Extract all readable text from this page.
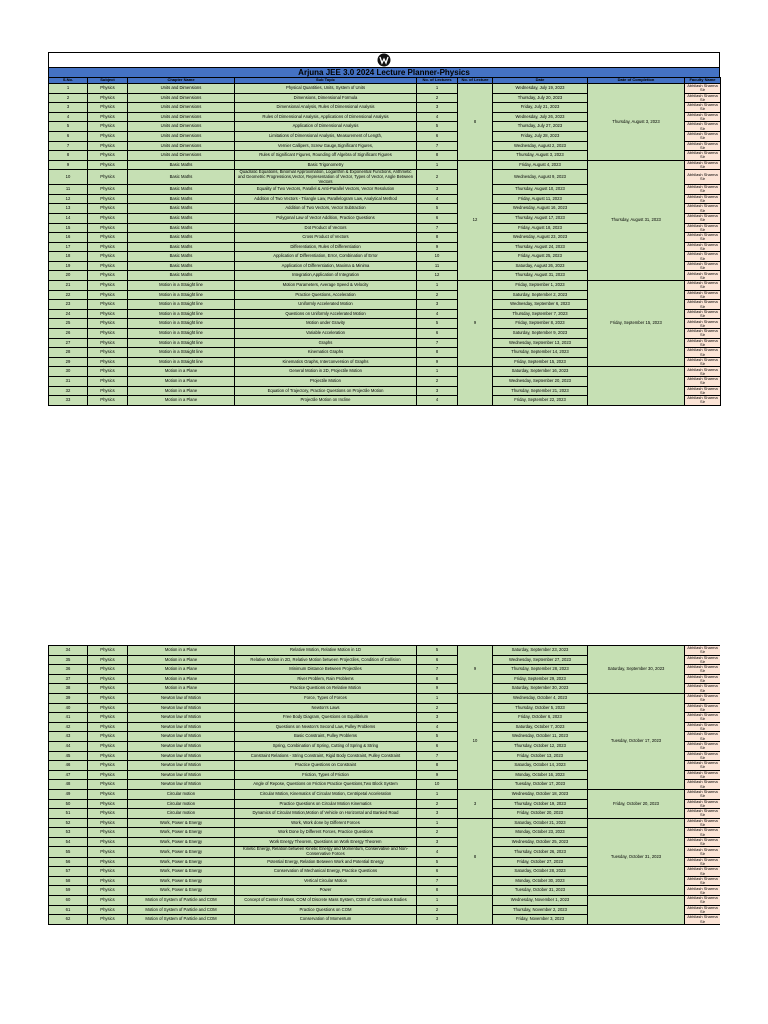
Arjuna JEE 3.0 2024 Lecture Planner-Physics
S.No.	Subject	Chapter Name	Sub Topic	No. of Lectures	No. of Lecture	Date	Date of Completion	Faculty Name	
1	Physics	Units and Dimensions	Physical Quantities, Units, System of Units	1	8	Wednesday, July 19, 2023	Thursday, August 3, 2023	Abhilash Sharma Sir	
2	Physics	Units and Dimensions	Dimensions, Dimensional Formula	2		Thursday, July 20, 2023		Abhilash Sharma Sir	
3	Physics	Units and Dimensions	Dimensional Analysis, Rules of Dimensional Analysis	3		Friday, July 21, 2023		Abhilash Sharma Sir	
4	Physics	Units and Dimensions	Rules of Dimensional Analysis, Applications of Dimensional Analysis	4		Wednesday, July 26, 2023		Abhilash Sharma Sir	
5	Physics	Units and Dimensions	Application of Dimensional Analysis	5		Thursday, July 27, 2023		Abhilash Sharma Sir	
6	Physics	Units and Dimensions	Limitations of Dimensional Analysis, Measurement of Length,	6		Friday, July 28, 2023		Abhilash Sharma Sir	
7	Physics	Units and Dimensions	Vernier Callipers, Screw Gauge,Significant Figures,	7		Wednesday, August 2, 2023		Abhilash Sharma Sir	
8	Physics	Units and Dimensions	Rules of Significant Figures, Rounding off Algebra of Significant Figures	8		Thursday, August 3, 2023		Abhilash Sharma Sir	
9	Physics	Basic Maths	Basic Trigonometry	1	12	Friday, August 4, 2023	Thursday, August 31, 2023	Abhilash Sharma Sir	
10	Physics	Basic Maths	Quadratic Equations, Binomial Approximation, Logarithm & Exponential Functions, Arithmetic and Geometric Progressions,Vector, Representation of Vector, Types of Vector, Angle Between Vectors	2		Wednesday, August 9, 2023		Abhilash Sharma Sir	
11	Physics	Basic Maths	Equality of Two Vectors, Parallel & Anti-Parallel Vectors, Vector Resolution	3		Thursday, August 10, 2023		Abhilash Sharma Sir	
12	Physics	Basic Maths	Addition of Two Vectors - Triangle Law, Parallelogram Law, Analytical Method	4		Friday, August 11, 2023		Abhilash Sharma Sir	
13	Physics	Basic Maths	Addition of Two Vectors, Vector Subtraction	5		Wednesday, August 16, 2023		Abhilash Sharma Sir	
14	Physics	Basic Maths	Polygonal Law of Vector Addition, Practice Questions	6		Thursday, August 17, 2023		Abhilash Sharma Sir	
15	Physics	Basic Maths	Dot Product of Vectors	7		Friday, August 18, 2023		Abhilash Sharma Sir	
16	Physics	Basic Maths	Cross Product of Vectors	8		Wednesday, August 23, 2023		Abhilash Sharma Sir	
17	Physics	Basic Maths	Differentiation, Rules of Differentiation	9		Thursday, August 24, 2023		Abhilash Sharma Sir	
18	Physics	Basic Maths	Application of Differentiation, Error, Combination of Error	10		Friday, August 25, 2023		Abhilash Sharma Sir	
19	Physics	Basic Maths	Application of Differentiation, Maxima & Minima	11		Saturday, August 26, 2023		Abhilash Sharma Sir	
20	Physics	Basic Maths	Integration,Application of Integration	12		Thursday, August 31, 2023		Abhilash Sharma Sir	
21	Physics	Motion in a Straight line	Motion Parameters, Average Speed & Velocity	1	9	Friday, September 1, 2023	Friday, September 15, 2023	Abhilash Sharma Sir	
22	Physics	Motion in a Straight line	Practice Questions, Acceleration	2		Saturday, September 2, 2023		Abhilash Sharma Sir	
23	Physics	Motion in a Straight line	Uniformly Accelerated Motion	3		Wednesday, September 6, 2023		Abhilash Sharma Sir	
24	Physics	Motion in a Straight line	Questions on Uniformly Accelerated Motion	4		Thursday, September 7, 2023		Abhilash Sharma Sir	
25	Physics	Motion in a Straight line	Motion under Gravity	5		Friday, September 8, 2023		Abhilash Sharma Sir	
26	Physics	Motion in a Straight line	Variable Acceleration	6		Saturday, September 9, 2023		Abhilash Sharma Sir	
27	Physics	Motion in a Straight line	Graphs	7		Wednesday, September 13, 2023		Abhilash Sharma Sir	
28	Physics	Motion in a Straight line	Kinematics Graphs	8		Thursday, September 14, 2023		Abhilash Sharma Sir	
29	Physics	Motion in a Straight line	Kinematics Graphs, Interconversion of Graphs	9		Friday, September 15, 2023		Abhilash Sharma Sir	
30	Physics	Motion in a Plane	General Motion in 2D, Projectile Motion	1		Saturday, September 16, 2023		Abhilash Sharma Sir	
31	Physics	Motion in a Plane	Projectile Motion	2		Wednesday, September 20, 2023		Abhilash Sharma Sir	
32	Physics	Motion in a Plane	Equation of Trajectory, Practice Questions on Projectile Motion	3		Thursday, September 21, 2023		Abhilash Sharma Sir	
33	Physics	Motion in a Plane	Projectile Motion on Incline	4		Friday, September 22, 2023		Abhilash Sharma Sir	
34	Physics	Motion in a Plane	Relative Motion, Relative Motion in 1D	5	9	Saturday, September 23, 2023	Saturday, September 30, 2023	Abhilash Sharma Sir	
35	Physics	Motion in a Plane	Relative Motion in 2D, Relative Motion between Projectiles, Condition of Collision	6		Wednesday, September 27, 2023		Abhilash Sharma Sir	
36	Physics	Motion in a Plane	Minimum Distance Between Projectiles	7		Thursday, September 28, 2023		Abhilash Sharma Sir	
37	Physics	Motion in a Plane	River Problem, Rain Problems	8		Friday, September 29, 2023		Abhilash Sharma Sir	
38	Physics	Motion in a Plane	Practice Questions on Relative Motion	9		Saturday, September 30, 2023		Abhilash Sharma Sir	
39	Physics	Newton law of Motion	Force, Types of Forces	1	10	Wednesday, October 4, 2023	Tuesday, October 17, 2023	Abhilash Sharma Sir	
40	Physics	Newton law of Motion	Newton's Laws	2		Thursday, October 5, 2023		Abhilash Sharma Sir	
41	Physics	Newton law of Motion	Free Body Diagram, Questions on Equilibrium	3		Friday, October 6, 2023		Abhilash Sharma Sir	
42	Physics	Newton law of Motion	Questions on Newton's Second Law, Pulley Problems	4		Saturday, October 7, 2023		Abhilash Sharma Sir	
43	Physics	Newton law of Motion	Basic Constraint, Pulley Problems	5		Wednesday, October 11, 2023		Abhilash Sharma Sir	
44	Physics	Newton law of Motion	Spring, Combination of Spring, Cutting of Spring & String	6		Thursday, October 12, 2023		Abhilash Sharma Sir	
45	Physics	Newton law of Motion	Constraint Relations - String Constraint, Rigid Body Constraint, Pulley Constraint	7		Friday, October 13, 2023		Abhilash Sharma Sir	
46	Physics	Newton law of Motion	Practice Questions on Constraint	8		Saturday, October 14, 2023		Abhilash Sharma Sir	
47	Physics	Newton law of Motion	Friction, Types of Friction	9		Monday, October 16, 2023		Abhilash Sharma Sir	
48	Physics	Newton law of Motion	Angle of Repose, Questions on Friction Practice Questions,Two Block System	10		Tuesday, October 17, 2023		Abhilash Sharma Sir	
49	Physics	Circular motion	Circular Motion, Kinematics of Circular Motion, Centripetal Acceleration	1	3	Wednesday, October 18, 2023	Friday, October 20, 2023	Abhilash Sharma Sir	
50	Physics	Circular motion	Practice Questions on Circular Motion Kinematics	2		Thursday, October 19, 2023		Abhilash Sharma Sir	
51	Physics	Circular motion	Dynamics of Circular Motion,Motion of Vehicle on Horizontal and Banked Road	3		Friday, October 20, 2023		Abhilash Sharma Sir	
52	Physics	Work, Power & Energy	Work, Work done by Different Forces	1	8	Saturday, October 21, 2023	Tuesday, October 31, 2023	Abhilash Sharma Sir	
53	Physics	Work, Power & Energy	Work Done by Different Forces, Practice Questions	2		Monday, October 23, 2023		Abhilash Sharma Sir	
54	Physics	Work, Power & Energy	Work Energy Theorem, Questions on Work Energy Theorem	3		Wednesday, October 25, 2023		Abhilash Sharma Sir	
55	Physics	Work, Power & Energy	Kinetic Energy, Relation between Kinetic Energy and Momentum, Conservative and Non-Conservative Forces	4		Thursday, October 26, 2023		Abhilash Sharma Sir	
56	Physics	Work, Power & Energy	Potential Energy, Relation Between Work and Potential Energy	5		Friday, October 27, 2023		Abhilash Sharma Sir	
57	Physics	Work, Power & Energy	Conservation of Mechanical Energy, Practice Questions	6		Saturday, October 28, 2023		Abhilash Sharma Sir	
58	Physics	Work, Power & Energy	Vertical Circular Motion	7		Monday, October 30, 2023		Abhilash Sharma Sir	
59	Physics	Work, Power & Energy	Power	8		Tuesday, October 31, 2023		Abhilash Sharma Sir	
60	Physics	Motion of System of Particle and COM	Concept of Center of Mass, COM of Discrete Mass System, COM of Continuous Bodies	1		Wednesday, November 1, 2023		Abhilash Sharma Sir	
61	Physics	Motion of System of Particle and COM	Practice Questions on COM	2		Thursday, November 2, 2023		Abhilash Sharma Sir	
62	Physics	Motion of System of Particle and COM	Conservation of Momentum	3		Friday, November 3, 2023		Abhilash Sharma Sir	
